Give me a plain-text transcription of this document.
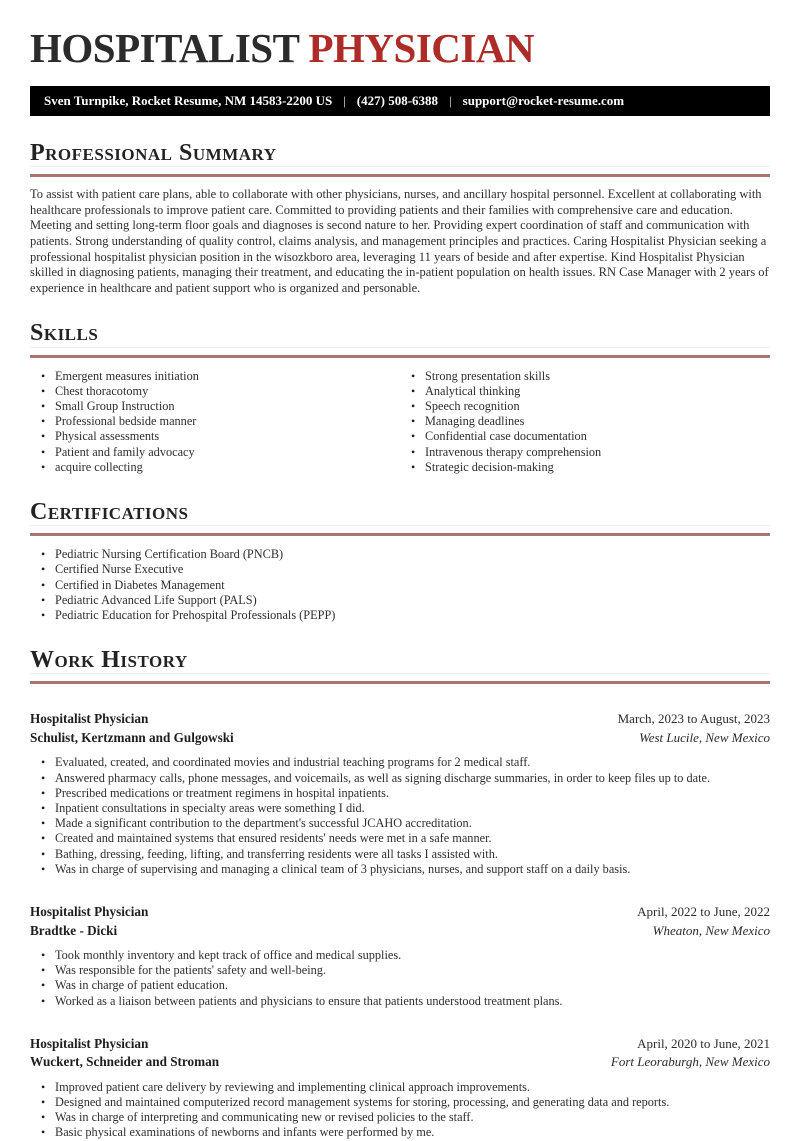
HOSPITALIST PHYSICIAN
Sven Turnpike, Rocket Resume, NM 14583-2200 US | (427) 508-6388 | support@rocket-resume.com
Professional Summary

To assist with patient care plans, able to collaborate with other physicians, nurses, and ancillary hospital personnel. Excellent at collaborating with healthcare professionals to improve patient care. Committed to providing patients and their families with comprehensive care and education. Meeting and setting long-term floor goals and diagnoses is second nature to her. Providing expert coordination of staff and communication with patients. Strong understanding of quality control, claims analysis, and management principles and practices. Caring Hospitalist Physician seeking a professional hospitalist physician position in the wisozkboro area, leveraging 11 years of beside and after expertise. Kind Hospitalist Physician skilled in diagnosing patients, managing their treatment, and educating the in-patient population on health issues. RN Case Manager with 2 years of experience in healthcare and patient support who is organized and personable.

Skills
• Emergent measures initiation
• Chest thoracotomy
• Small Group Instruction
• Professional bedside manner
• Physical assessments
• Patient and family advocacy
• acquire collecting
• Strong presentation skills
• Analytical thinking
• Speech recognition
• Managing deadlines
• Confidential case documentation
• Intravenous therapy comprehension
• Strategic decision-making
Certifications
• Pediatric Nursing Certification Board (PNCB)
• Certified Nurse Executive
• Certified in Diabetes Management
• Pediatric Advanced Life Support (PALS)
• Pediatric Education for Prehospital Professionals (PEPP)
Work History
Hospitalist Physician
Schulist, Kertzmann and Gulgowski
March, 2023 to August, 2023
West Lucile, New Mexico
• Evaluated, created, and coordinated movies and industrial teaching programs for 2 medical staff.
• Answered pharmacy calls, phone messages, and voicemails, as well as signing discharge summaries, in order to keep files up to date.
• Prescribed medications or treatment regimens in hospital inpatients.
• Inpatient consultations in specialty areas were something I did.
• Made a significant contribution to the department's successful JCAHO accreditation.
• Created and maintained systems that ensured residents' needs were met in a safe manner.
• Bathing, dressing, feeding, lifting, and transferring residents were all tasks I assisted with.
• Was in charge of supervising and managing a clinical team of 3 physicians, nurses, and support staff on a daily basis.
Hospitalist Physician
Bradtke - Dicki
April, 2022 to June, 2022
Wheaton, New Mexico
• Took monthly inventory and kept track of office and medical supplies.
• Was responsible for the patients' safety and well-being.
• Was in charge of patient education.
• Worked as a liaison between patients and physicians to ensure that patients understood treatment plans.
Hospitalist Physician
Wuckert, Schneider and Stroman
April, 2020 to June, 2021
Fort Leoraburgh, New Mexico
• Improved patient care delivery by reviewing and implementing clinical approach improvements.
• Designed and maintained computerized record management systems for storing, processing, and generating data and reports.
• Was in charge of interpreting and communicating new or revised policies to the staff.
• Basic physical examinations of newborns and infants were performed by me.
